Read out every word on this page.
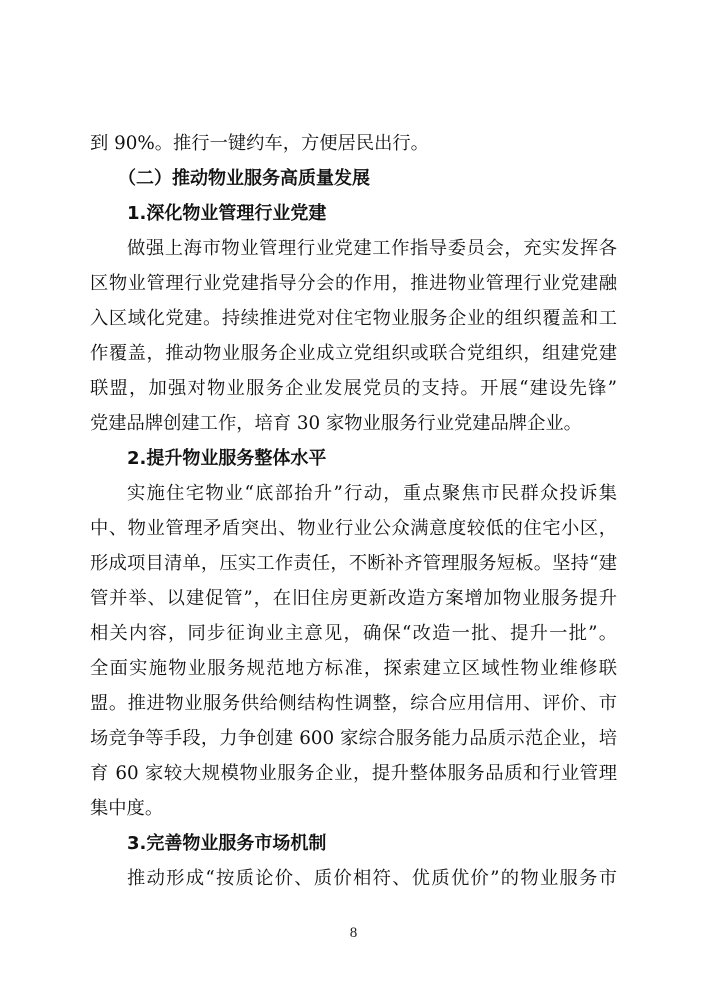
到 90%。推行一键约车，方便居民出行。
（二）推动物业服务高质量发展
1.深化物业管理行业党建
做强上海市物业管理行业党建工作指导委员会，充实发挥各
区物业管理行业党建指导分会的作用，推进物业管理行业党建融
入区域化党建。持续推进党对住宅物业服务企业的组织覆盖和工
作覆盖，推动物业服务企业成立党组织或联合党组织，组建党建
联盟，加强对物业服务企业发展党员的支持。开展“建设先锋”
党建品牌创建工作，培育 30 家物业服务行业党建品牌企业。
2.提升物业服务整体水平
实施住宅物业“底部抬升”行动，重点聚焦市民群众投诉集
中、物业管理矛盾突出、物业行业公众满意度较低的住宅小区，
形成项目清单，压实工作责任，不断补齐管理服务短板。坚持“建
管并举、以建促管”，在旧住房更新改造方案增加物业服务提升
相关内容，同步征询业主意见，确保“改造一批、提升一批”。
全面实施物业服务规范地方标准，探索建立区域性物业维修联
盟。推进物业服务供给侧结构性调整，综合应用信用、评价、市
场竞争等手段，力争创建 600 家综合服务能力品质示范企业，培
育 60 家较大规模物业服务企业，提升整体服务品质和行业管理
集中度。
3.完善物业服务市场机制
推动形成“按质论价、质价相符、优质优价”的物业服务市
8
